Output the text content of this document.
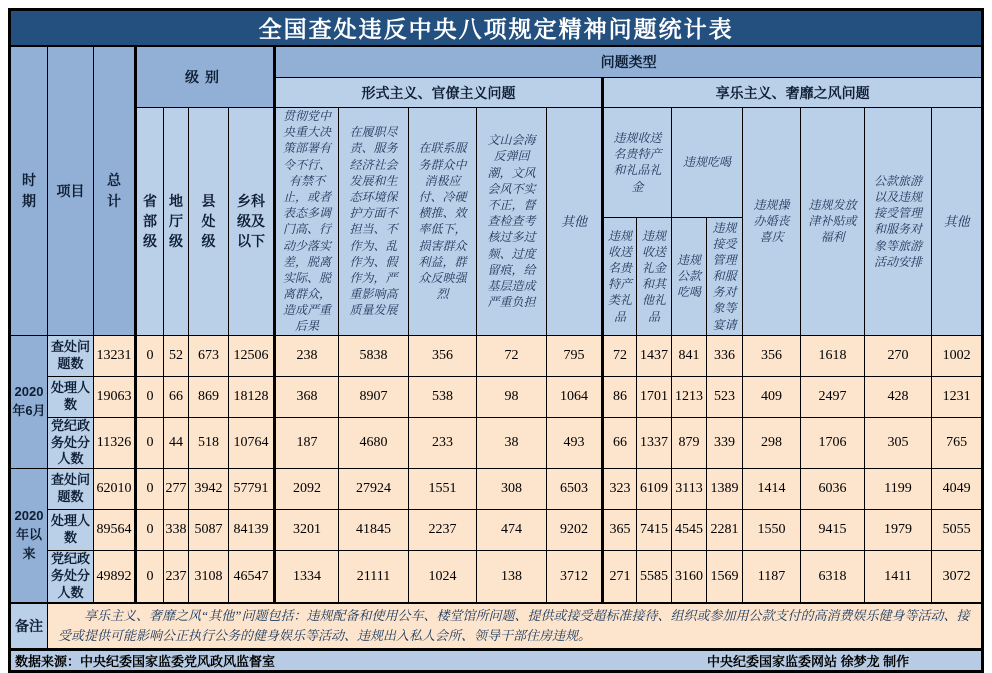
全国查处违反中央八项规定精神问题统计表																			
时期	项目	总计	级别				问题类型												
							形式主义、官僚主义问题					享乐主义、奢靡之风问题							
			省部级	地厅级	县处级	乡科级及以下	贯彻党中央重大决策部署有令不行、有禁不止，或者表态多调门高、行动少落实差，脱离实际、脱离群众，造成严重后果	在履职尽责、服务经济社会发展和生态环境保护方面不担当、不作为、乱作为、假作为，严重影响高质量发展	在联系服务群众中消极应付、冷硬横推、效率低下，损害群众利益，群众反映强烈	文山会海反弹回潮，文风会风不实不正，督查检查考核过多过频、过度留痕，给基层造成严重负担	其他	违规收送名贵特产和礼品礼金		违规吃喝		违规操办婚丧喜庆	违规发放津补贴或福利	公款旅游以及违规接受管理和服务对象等旅游活动安排	其他
												违规收送名贵特产类礼品	违规收送礼金和其他礼品	违规公款吃喝	违规接受管理和服务对象等宴请				
2020年6月	查处问题数	13231	0	52	673	12506	238	5838	356	72	795	72	1437	841	336	356	1618	270	1002
	处理人数	19063	0	66	869	18128	368	8907	538	98	1064	86	1701	1213	523	409	2497	428	1231
	党纪政务处分人数	11326	0	44	518	10764	187	4680	233	38	493	66	1337	879	339	298	1706	305	765
2020年以来	查处问题数	62010	0	277	3942	57791	2092	27924	1551	308	6503	323	6109	3113	1389	1414	6036	1199	4049
	处理人数	89564	0	338	5087	84139	3201	41845	2237	474	9202	365	7415	4545	2281	1550	9415	1979	5055
	党纪政务处分人数	49892	0	237	3108	46547	1334	21111	1024	138	3712	271	5585	3160	1569	1187	6318	1411	3072
备注	享乐主义、奢靡之风“其他”问题包括：违规配备和使用公车、楼堂馆所问题、提供或接受超标准接待、组织或参加用公款支付的高消费娱乐健身等活动、接受或提供可能影响公正执行公务的健身娱乐等活动、违规出入私人会所、领导干部住房违规。																		

数据来源：中央纪委国家监委党风政风监督室 中央纪委国家监委网站 徐梦龙 制作																			
